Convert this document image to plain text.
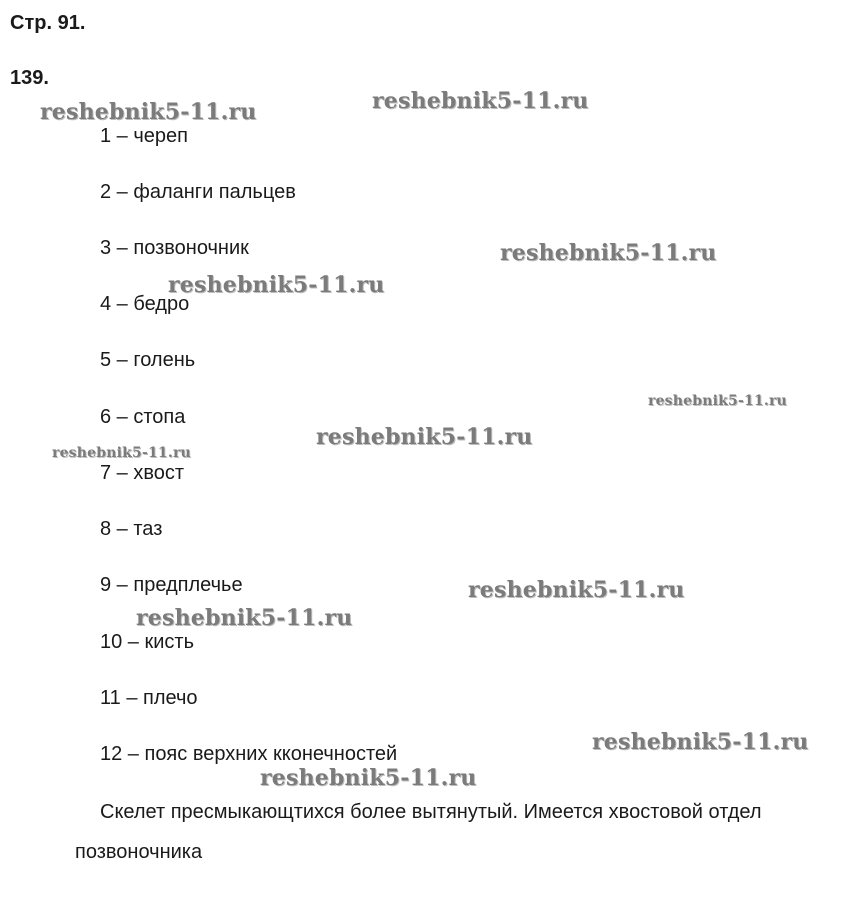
Стр. 91.
139.
1 – череп
2 – фаланги пальцев
3 – позвоночник
4 – бедро
5 – голень
6 – стопа
7 – хвост
8 – таз
9 – предплечье
10 – кисть
11 – плечо
12 – пояс верхних кконечностей
Скелет пресмыкающтихся более вытянутый. Имеется хвостовой отдел
позвоночника
reshebnik5-11.ru	reshebnik5-11.ru
reshebnik5-11.ru
reshebnik5-11.ru
reshebnik5-11.ru
reshebnik5-11.ru
reshebnik5-11.ru
reshebnik5-11.ru
reshebnik5-11.ru
reshebnik5-11.ru
reshebnik5-11.ru
